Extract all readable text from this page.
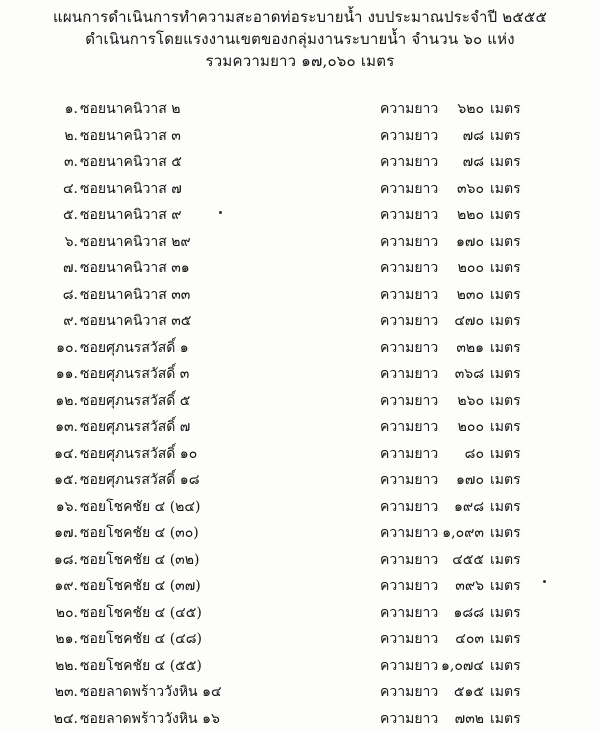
แผนการดำเนินการทำความสะอาดท่อระบายน้ำ งบประมาณประจำปี ๒๕๕๕
ดำเนินการโดยแรงงานเขตของกลุ่มงานระบายน้ำ จำนวน ๖๐ แห่ง
รวมความยาว ๑๗,๐๖๐ เมตร
๑. ซอยนาคนิวาส ๒	ความยาว	๖๒๐ เมตร
๒. ซอยนาคนิวาส ๓	ความยาว	๗๘ เมตร
๓. ซอยนาคนิวาส ๕	ความยาว	๗๘ เมตร
๔. ซอยนาคนิวาส ๗	ความยาว	๓๖๐ เมตร
๕. ซอยนาคนิวาส ๙	ความยาว	๒๒๐ เมตร
๖. ซอยนาคนิวาส ๒๙	ความยาว	๑๗๐ เมตร
๗. ซอยนาคนิวาส ๓๑	ความยาว	๒๐๐ เมตร
๘. ซอยนาคนิวาส ๓๓	ความยาว	๒๓๐ เมตร
๙. ซอยนาคนิวาส ๓๕	ความยาว	๔๗๐ เมตร
๑๐. ซอยศุภนรสวัสดิ์ ๑	ความยาว	๓๒๑ เมตร
๑๑. ซอยศุภนรสวัสดิ์ ๓	ความยาว	๓๖๘ เมตร
๑๒. ซอยศุภนรสวัสดิ์ ๕	ความยาว	๒๖๐ เมตร
๑๓. ซอยศุภนรสวัสดิ์ ๗	ความยาว	๒๐๐ เมตร
๑๔. ซอยศุภนรสวัสดิ์ ๑๐	ความยาว	๘๐ เมตร
๑๕. ซอยศุภนรสวัสดิ์ ๑๘	ความยาว	๑๗๐ เมตร
๑๖. ซอยโชคชัย ๔ (๒๔)	ความยาว	๑๙๘ เมตร
๑๗. ซอยโชคชัย ๔ (๓๐)	ความยาว ๑,๐๙๓ เมตร
๑๘. ซอยโชคชัย ๔ (๓๒)	ความยาว ๔๕๕ เมตร
๑๙. ซอยโชคชัย ๔ (๓๗)	ความยาว	๓๙๖ เมตร
๒๐. ซอยโชคชัย ๔ (๔๕)	ความยาว	๑๘๘ เมตร
๒๑. ซอยโชคชัย ๔ (๔๘)	ความยาว	๔๐๓ เมตร
๒๒. ซอยโชคชัย ๔ (๕๕)	ความยาว ๑,๐๗๔ เมตร
๒๓. ซอยลาดพร้าววังหิน ๑๔	ความยาว	๕๑๕ เมตร
๒๔. ซอยลาดพร้าววังหิน ๑๖	ความยาว	๗๓๒ เมตร
